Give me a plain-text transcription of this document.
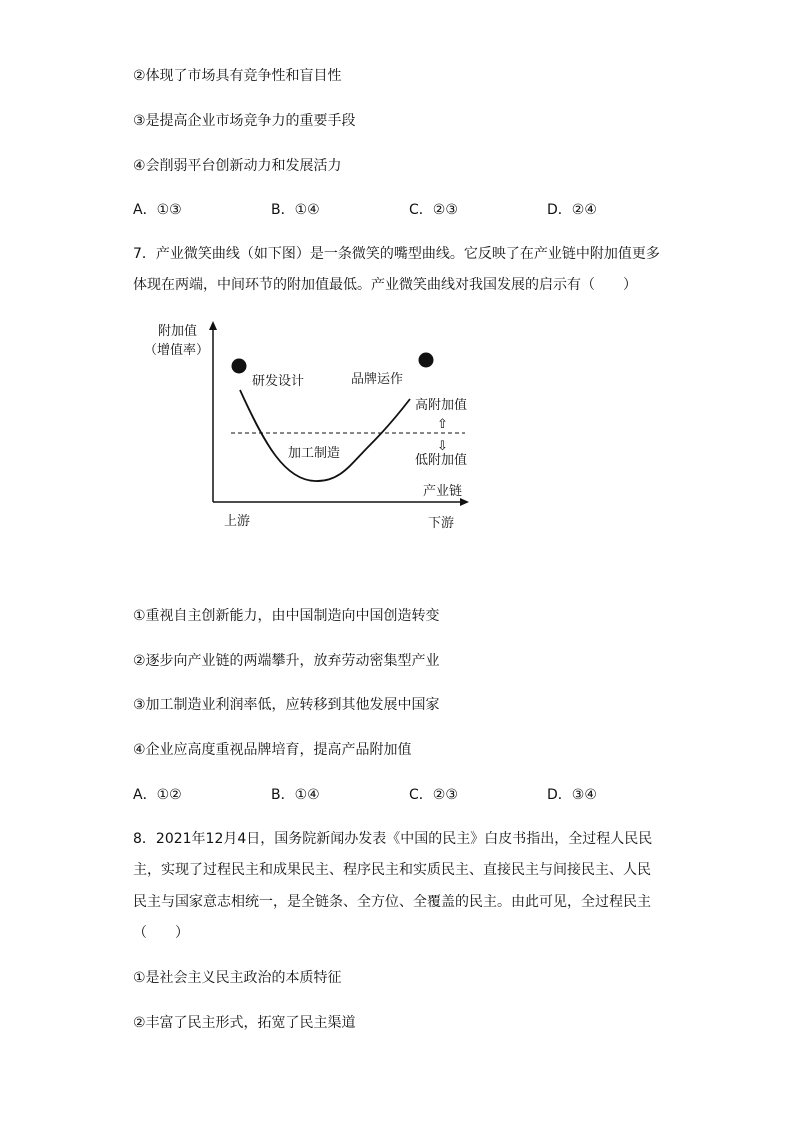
②体现了市场具有竞争性和盲目性
③是提高企业市场竞争力的重要手段
④会削弱平台创新动力和发展活力
A．①③	B．①④	C．②③	D．②④
7．产业微笑曲线（如下图）是一条微笑的嘴型曲线。它反映了在产业链中附加值更多
体现在两端，中间环节的附加值最低。产业微笑曲线对我国发展的启示有（　　）
附加值
（增值率）
研发设计	品牌运作
加工制造
高附加值
⇧
⇩
低附加值
产业链
上游	下游
①重视自主创新能力，由中国制造向中国创造转变
②逐步向产业链的两端攀升，放弃劳动密集型产业
③加工制造业利润率低，应转移到其他发展中国家
④企业应高度重视品牌培育，提高产品附加值
A．①②	B．①④	C．②③	D．③④
8．2021年12月4日，国务院新闻办发表《中国的民主》白皮书指出，全过程人民民
主，实现了过程民主和成果民主、程序民主和实质民主、直接民主与间接民主、人民
民主与国家意志相统一，是全链条、全方位、全覆盖的民主。由此可见，全过程民主
（　　）
①是社会主义民主政治的本质特征
②丰富了民主形式，拓宽了民主渠道
